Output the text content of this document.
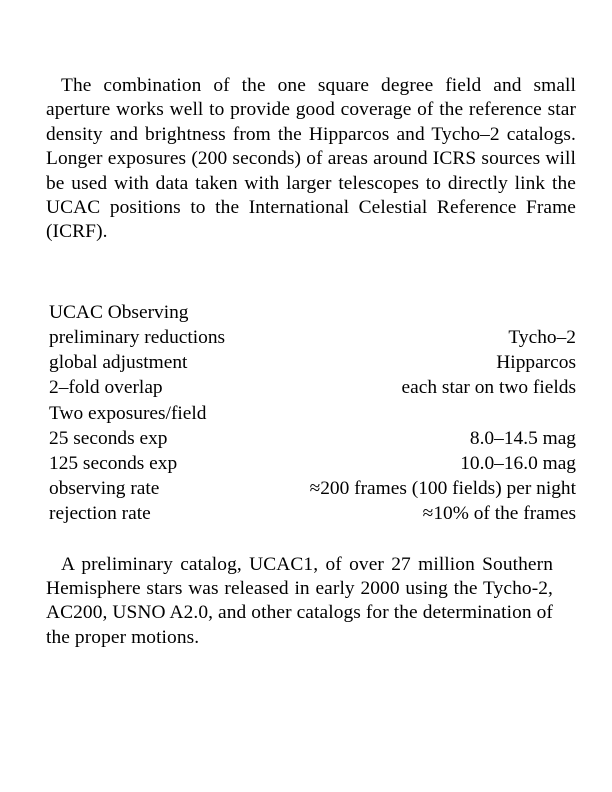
The combination of the one square degree field and small aperture works well to provide good coverage of the reference star density and brightness from the Hipparcos and Tycho–2 catalogs. Longer exposures (200 seconds) of areas around ICRS sources will be used with data taken with larger telescopes to directly link the UCAC positions to the International Celestial Reference Frame (ICRF).

UCAC Observing
preliminary reductions	Tycho–2
global adjustment	Hipparcos
2–fold overlap	each star on two fields
Two exposures/field
25 seconds exp	8.0–14.5 mag
125 seconds exp	10.0–16.0 mag
observing rate	≈200 frames (100 fields) per night
rejection rate	≈10% of the frames

A preliminary catalog, UCAC1, of over 27 million Southern Hemisphere stars was released in early 2000 using the Tycho-2, AC200, USNO A2.0, and other catalogs for the determination of the proper motions.
